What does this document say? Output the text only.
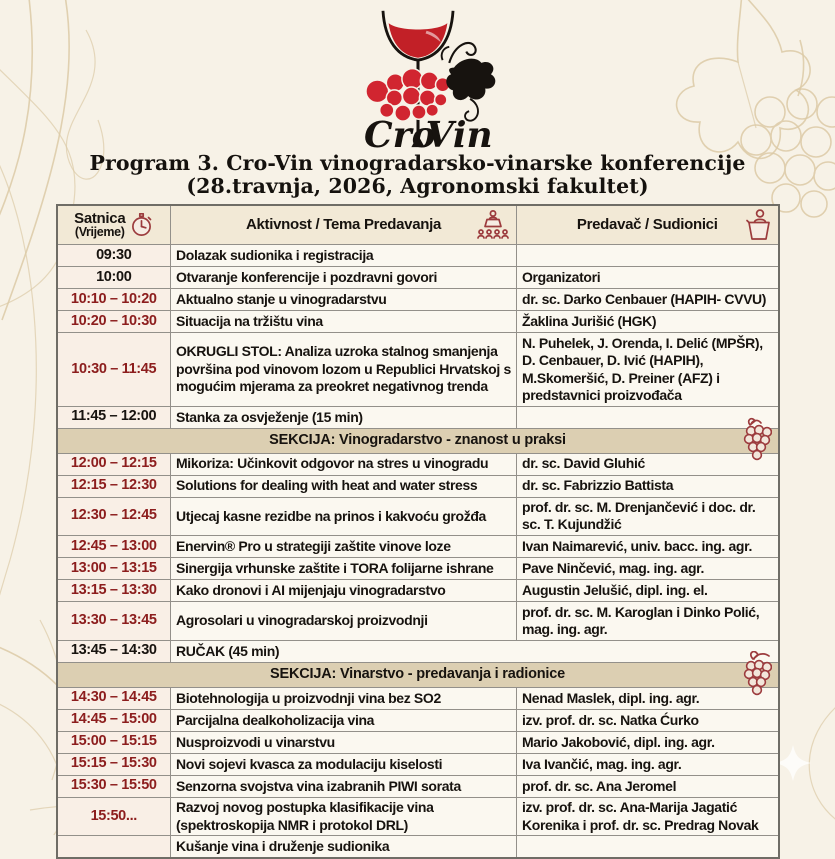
Cro
Vin
Program 3. Cro-Vin vinogradarsko-vinarske konferencije
(28.travnja, 2026, Agronomski fakultet)
Satnica
(Vrijeme)	Aktivnost / Tema Predavanja	Predavač / Sudionici

09:30	Dolazak sudionika i registracija	
10:00	Otvaranje konferencije i pozdravni govori	Organizatori
10:10 – 10:20	Aktualno stanje u vinogradarstvu	dr. sc. Darko Cenbauer (HAPIH- CVVU)
10:20 – 10:30	Situacija na tržištu vina	Žaklina Jurišić (HGK)
10:30 – 11:45	OKRUGLI STOL: Analiza uzroka stalnog smanjenja površina pod vinovom lozom u Republici Hrvatskoj s mogućim mjerama za preokret negativnog trenda	N. Puhelek, J. Orenda, I. Delić (MPŠR), D. Cenbauer, D. Ivić (HAPIH), M.Skomeršić, D. Preiner (AFZ) i predstavnici proizvođača
11:45 – 12:00	Stanka za osvježenje (15 min)	
SEKCIJA: Vinogradarstvo - znanost u praksi		

12:00 – 12:15	Mikoriza: Učinkovit odgovor na stres u vinogradu	dr. sc. David Gluhić
12:15 – 12:30	Solutions for dealing with heat and water stress	dr. sc. Fabrizzio Battista
12:30 – 12:45	Utjecaj kasne rezidbe na prinos i kakvoću grožđa	prof. dr. sc. M. Drenjančević i doc. dr. sc. T. Kujundžić
12:45 – 13:00	Enervin® Pro u strategiji zaštite vinove loze	Ivan Naimarević, univ. bacc. ing. agr.
13:00 – 13:15	Sinergija vrhunske zaštite i TORA folijarne ishrane	Pave Ninčević, mag. ing. agr.
13:15 – 13:30	Kako dronovi i AI mijenjaju vinogradarstvo	Augustin Jelušić, dipl. ing. el.
13:30 – 13:45	Agrosolari u vinogradarskoj proizvodnji	prof. dr. sc. M. Karoglan i Dinko Polić, mag. ing. agr.
13:45 – 14:30	RUČAK (45 min)	
SEKCIJA: Vinarstvo - predavanja i radionice		

14:30 – 14:45	Biotehnologija u proizvodnji vina bez SO2	Nenad Maslek, dipl. ing. agr.
14:45 – 15:00	Parcijalna dealkoholizacija vina	izv. prof. dr. sc. Natka Ćurko
15:00 – 15:15	Nusproizvodi u vinarstvu	Mario Jakobović, dipl. ing. agr.
15:15 – 15:30	Novi sojevi kvasca za modulaciju kiselosti	Iva Ivančić, mag. ing. agr.
15:30 – 15:50	Senzorna svojstva vina izabranih PIWI sorata	prof. dr. sc. Ana Jeromel
15:50...	Razvoj novog postupka klasifikacije vina (spektroskopija NMR i protokol DRL)	izv. prof. dr. sc. Ana-Marija Jagatić Korenika i prof. dr. sc. Predrag Novak
	Kušanje vina i druženje sudionika	
